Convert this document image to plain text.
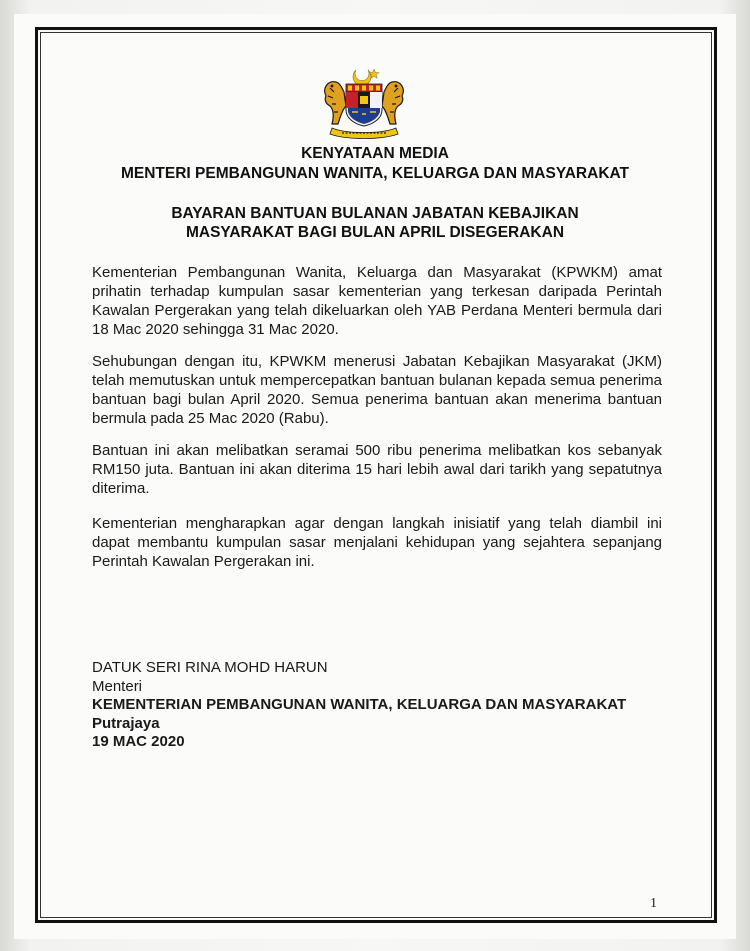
KENYATAAN MEDIA
MENTERI PEMBANGUNAN WANITA, KELUARGA DAN MASYARAKAT
BAYARAN BANTUAN BULANAN JABATAN KEBAJIKAN
MASYARAKAT BAGI BULAN APRIL DISEGERAKAN
Kementerian Pembangunan Wanita, Keluarga dan Masyarakat (KPWKM) amat prihatin terhadap kumpulan sasar kementerian yang terkesan daripada Perintah Kawalan Pergerakan yang telah dikeluarkan oleh YAB Perdana Menteri bermula dari 18 Mac 2020 sehingga 31 Mac 2020.
Sehubungan dengan itu, KPWKM menerusi Jabatan Kebajikan Masyarakat (JKM) telah memutuskan untuk mempercepatkan bantuan bulanan kepada semua penerima bantuan bagi bulan April 2020. Semua penerima bantuan akan menerima bantuan bermula pada 25 Mac 2020 (Rabu).
Bantuan ini akan melibatkan seramai 500 ribu penerima melibatkan kos sebanyak RM150 juta. Bantuan ini akan diterima 15 hari lebih awal dari tarikh yang sepatutnya diterima.
Kementerian mengharapkan agar dengan langkah inisiatif yang telah diambil ini dapat membantu kumpulan sasar menjalani kehidupan yang sejahtera sepanjang Perintah Kawalan Pergerakan ini.
DATUK SERI RINA MOHD HARUN
Menteri
KEMENTERIAN PEMBANGUNAN WANITA, KELUARGA DAN MASYARAKAT
Putrajaya
19 MAC 2020
1
